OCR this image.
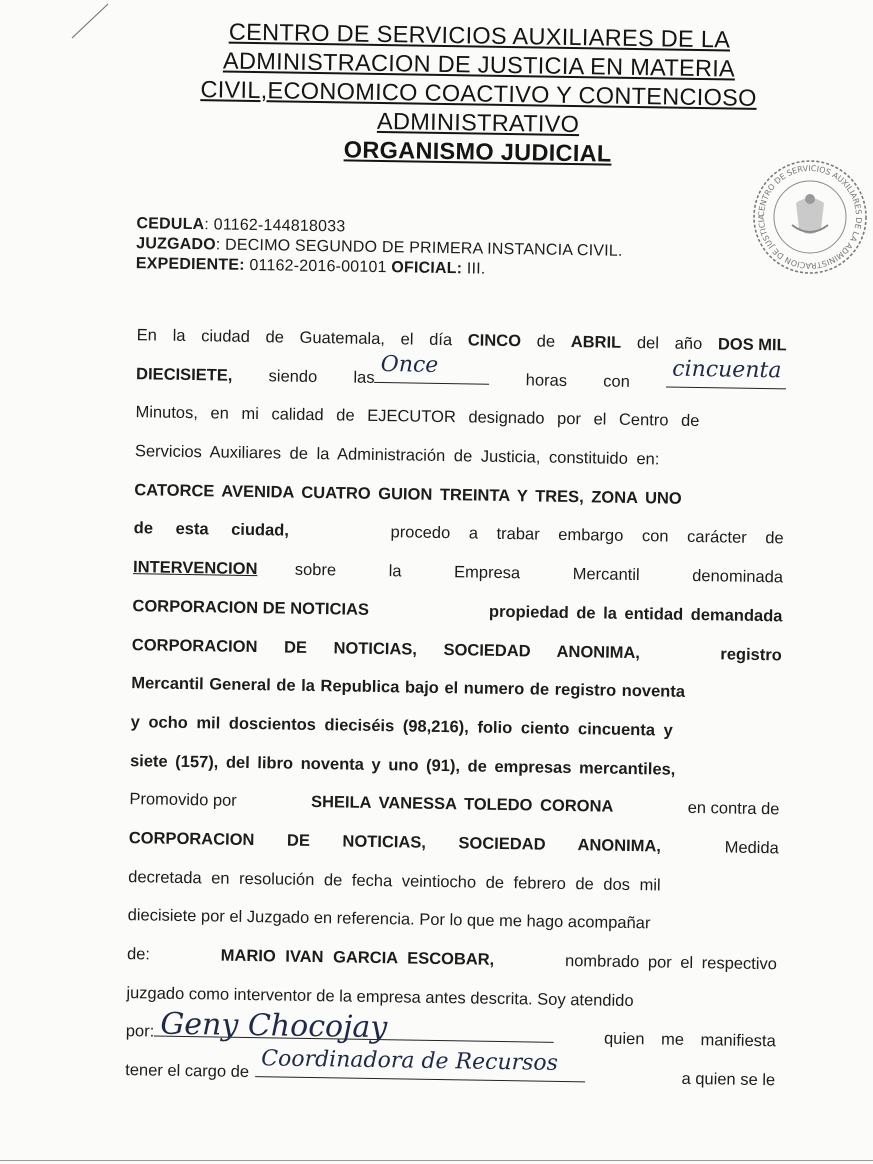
CENTRO DE SERVICIOS AUXILIARES DE LA
ADMINISTRACION DE JUSTICIA EN MATERIA
CIVIL,ECONOMICO COACTIVO Y CONTENCIOSO
ADMINISTRATIVO
ORGANISMO JUDICIAL
CEDULA: 01162-144818033
JUZGADO: DECIMO SEGUNDO DE PRIMERA INSTANCIA CIVIL.
EXPEDIENTE: 01162-2016-00101 OFICIAL: III.
En la ciudad de Guatemala, el día CINCO de ABRIL del año DOS MIL
DIECISIETE, siendo las Once
horas con cincuenta
Minutos, en mi calidad de EJECUTOR designado por el Centro de
Servicios Auxiliares de la Administración de Justicia, constituido en:
CATORCE AVENIDA CUATRO GUION TREINTA Y TRES, ZONA UNO
de esta ciudad,	procedo a trabar embargo con carácter de
INTERVENCION sobre la Empresa Mercantil denominada
CORPORACION DE NOTICIAS	propiedad de la entidad demandada
CORPORACION DE NOTICIAS, SOCIEDAD ANONIMA,	registro
Mercantil General de la Republica bajo el numero de registro noventa
y ocho mil doscientos dieciséis (98,216), folio ciento cincuenta y
siete (157), del libro noventa y uno (91), de empresas mercantiles,
Promovido por	SHEILA VANESSA TOLEDO CORONA	en contra de
CORPORACION DE NOTICIAS, SOCIEDAD ANONIMA,	Medida
decretada en resolución de fecha veintiocho de febrero de dos mil
diecisiete por el Juzgado en referencia. Por lo que me hago acompañar
de:	MARIO IVAN GARCIA ESCOBAR,	nombrado por el respectivo
juzgado como interventor de la empresa antes descrita. Soy atendido
por: Geny Chocojay	quien me manifiesta
tener el cargo de Coordinadora de Recursos
a quien se le
CENTRO DE SERVICIOS AUXILIARES DE LA ADMINISTRACION DE JUSTICIA
